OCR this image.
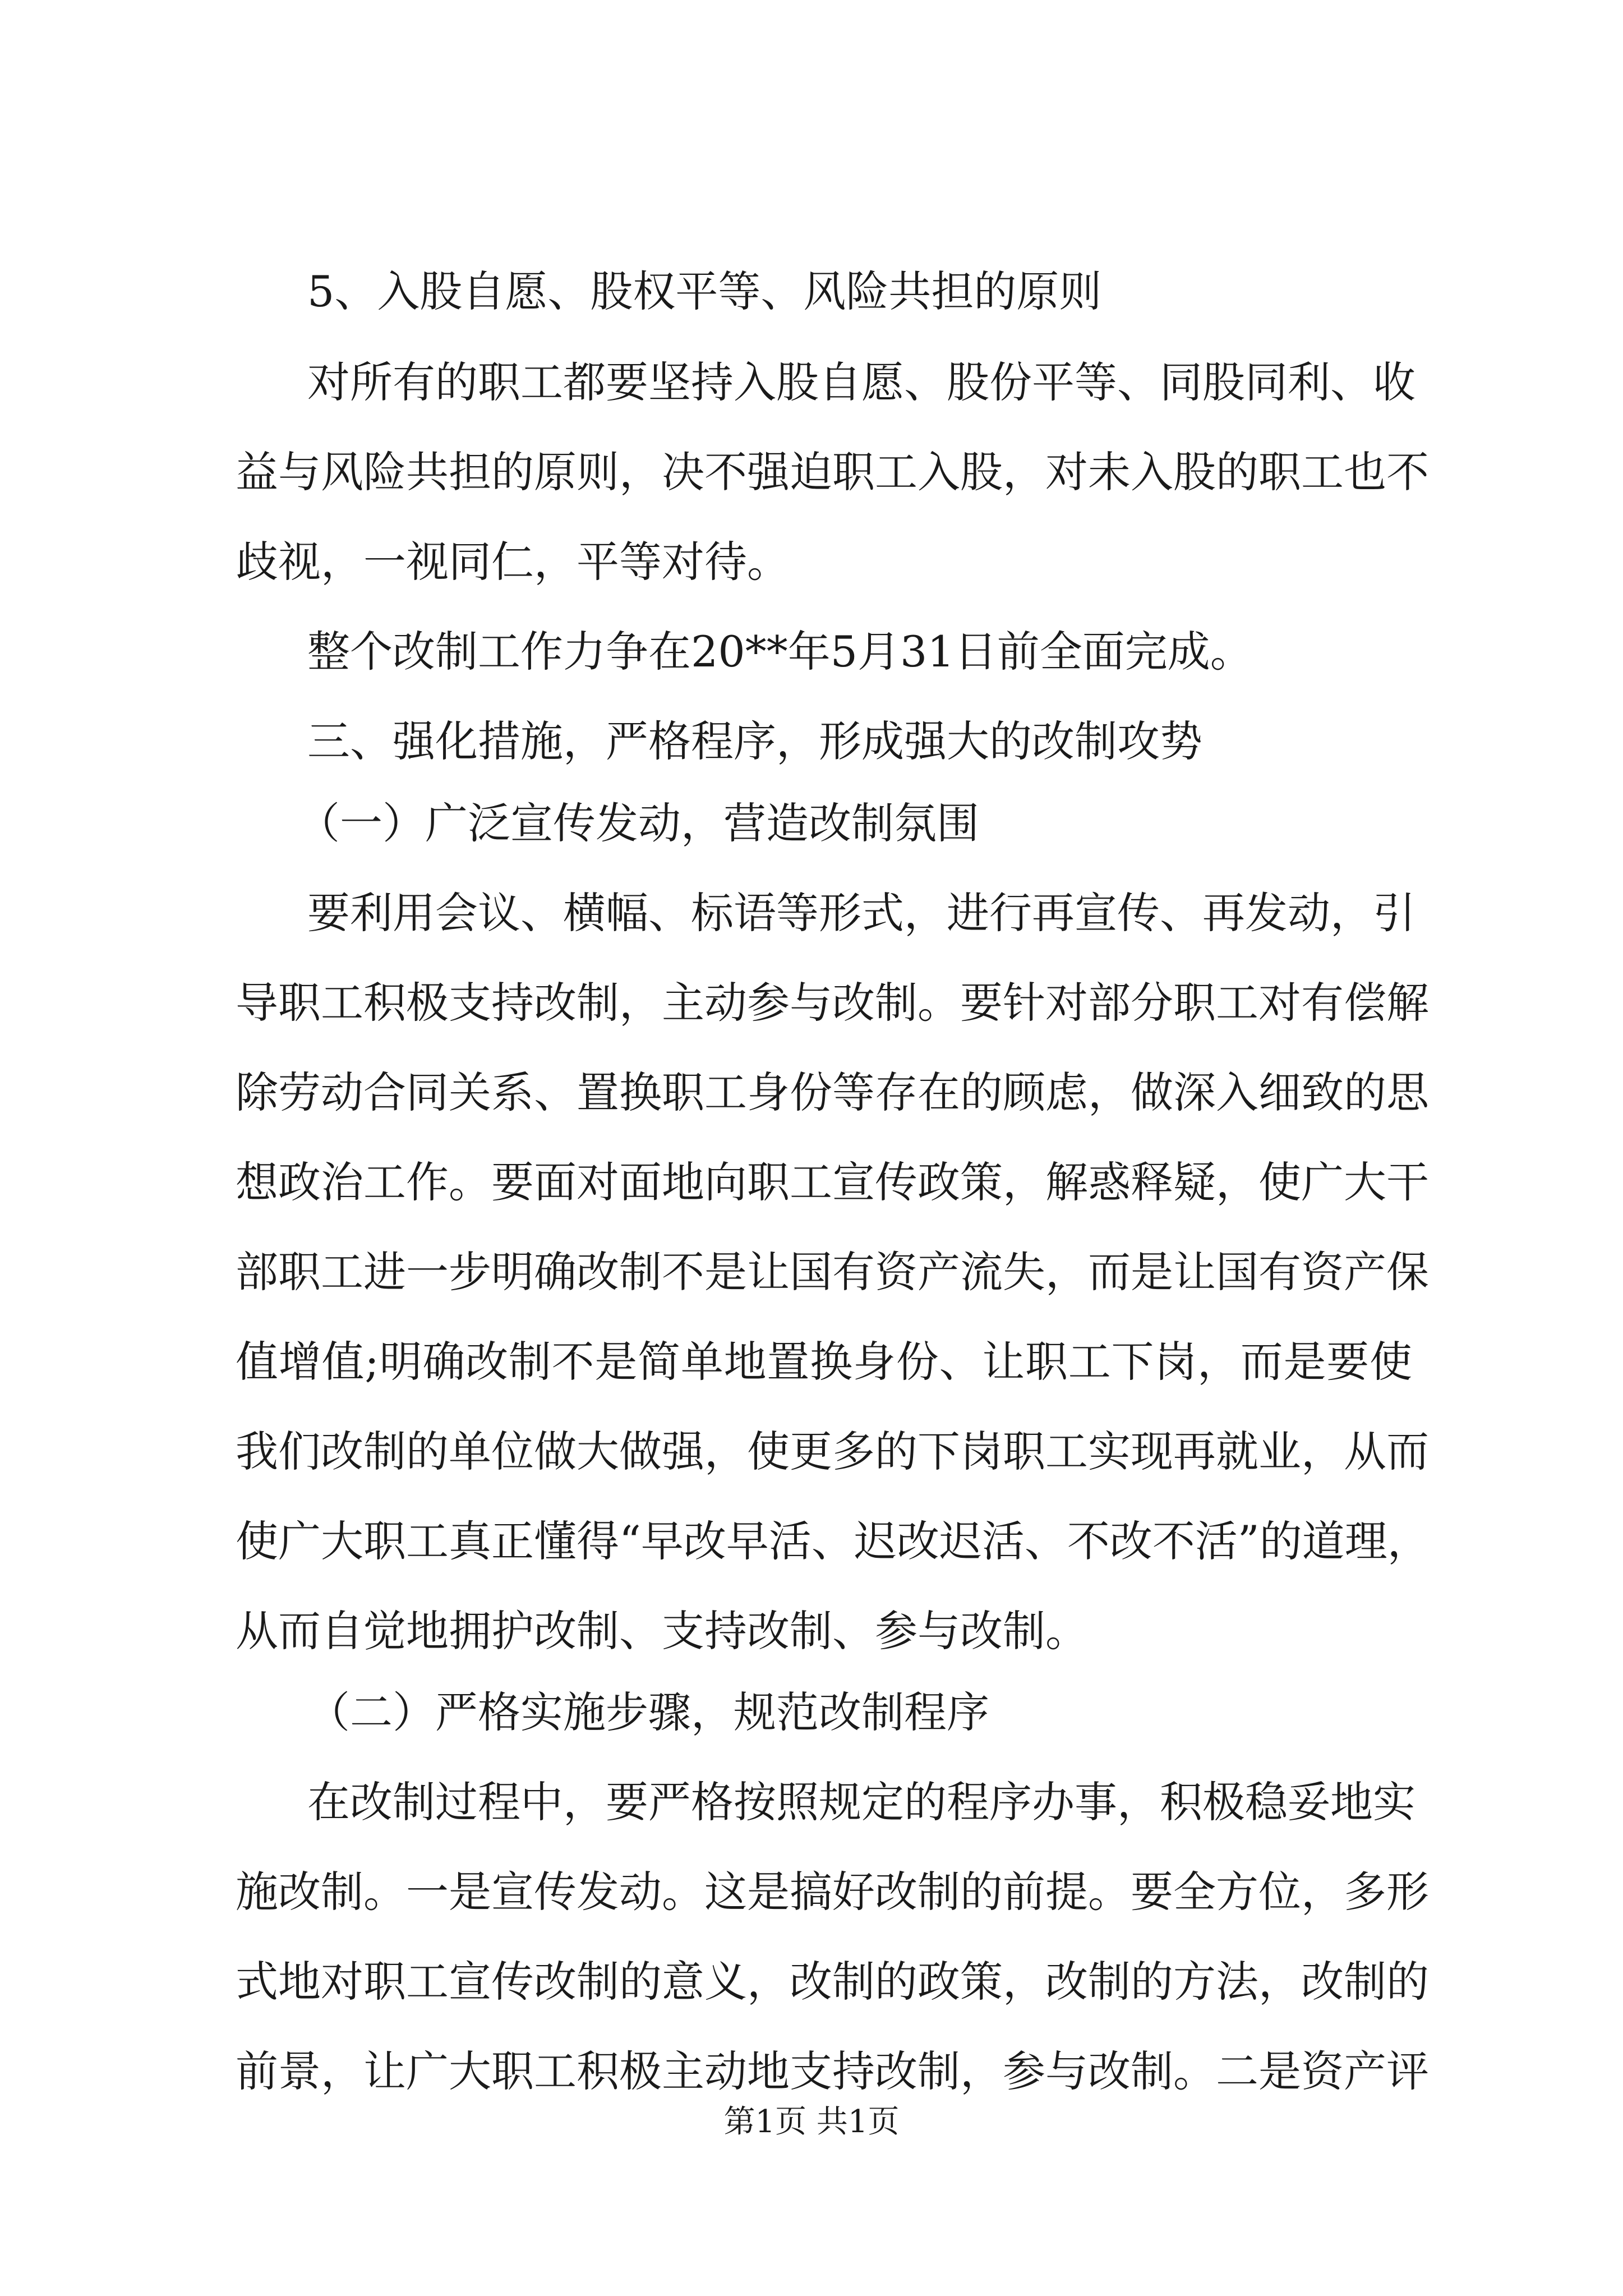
5、入股自愿、股权平等、风险共担的原则

对所有的职工都要坚持入股自愿、股份平等、同股同利、收

益与风险共担的原则，决不强迫职工入股，对未入股的职工也不

歧视，一视同仁，平等对待。

整个改制工作力争在20**年5月31日前全面完成。

三、强化措施，严格程序，形成强大的改制攻势

（一）广泛宣传发动，营造改制氛围

要利用会议、横幅、标语等形式，进行再宣传、再发动，引

导职工积极支持改制，主动参与改制。要针对部分职工对有偿解

除劳动合同关系、置换职工身份等存在的顾虑，做深入细致的思

想政治工作。要面对面地向职工宣传政策，解惑释疑，使广大干

部职工进一步明确改制不是让国有资产流失，而是让国有资产保

值增值;明确改制不是简单地置换身份、让职工下岗，而是要使

我们改制的单位做大做强，使更多的下岗职工实现再就业，从而

使广大职工真正懂得“早改早活、迟改迟活、不改不活”的道理，

从而自觉地拥护改制、支持改制、参与改制。

（二）严格实施步骤，规范改制程序

在改制过程中，要严格按照规定的程序办事，积极稳妥地实

施改制。一是宣传发动。这是搞好改制的前提。要全方位，多形

式地对职工宣传改制的意义，改制的政策，改制的方法，改制的

前景，让广大职工积极主动地支持改制，参与改制。二是资产评

第1页 共1页
